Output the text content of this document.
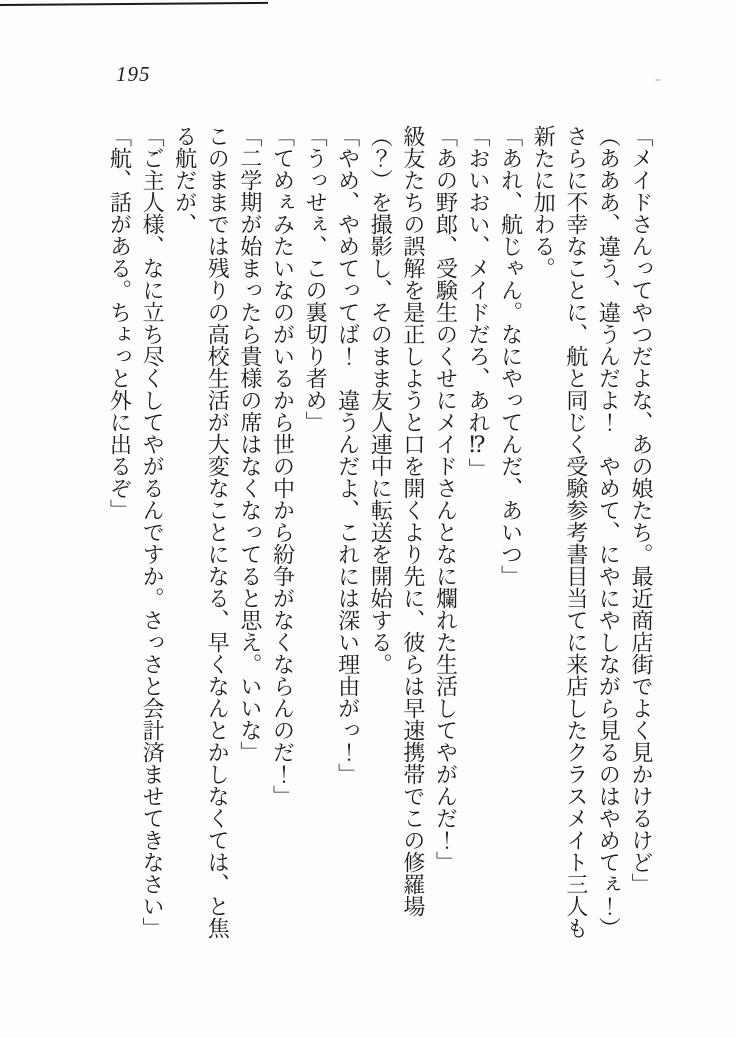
195

「メイドさんってやつだよな、あの娘たち。最近商店街でよく見かけるけど」

（あああ、違う、違うんだよ！　やめて、にやにやしながら見るのはやめてぇ！）

さらに不幸なことに、航と同じく受験参考書目当てに来店したクラスメイト三人も新たに加わる。

「あれ、航じゃん。なにやってんだ、あいつ」

「おいおい、メイドだろ、あれ⁉」

「あの野郎、受験生のくせにメイドさんとなに爛れた生活してやがんだ！」

級友たちの誤解を是正しようと口を開くより先に、彼らは早速携帯でこの修羅場（？）を撮影し、そのまま友人連中に転送を開始する。

「やめ、やめてってば！　違うんだよ、これには深い理由がっ！」

「うっせぇ、この裏切り者め」

「てめぇみたいなのがいるから世の中から紛争がなくならんのだ！」

「二学期が始まったら貴様の席はなくなってると思え。いいな」

このままでは残りの高校生活が大変なことになる、早くなんとかしなくては、と焦る航だが、

「ご主人様、なに立ち尽くしてやがるんですか。さっさと会計済ませてきなさい」

「航、話がある。ちょっと外に出るぞ」
